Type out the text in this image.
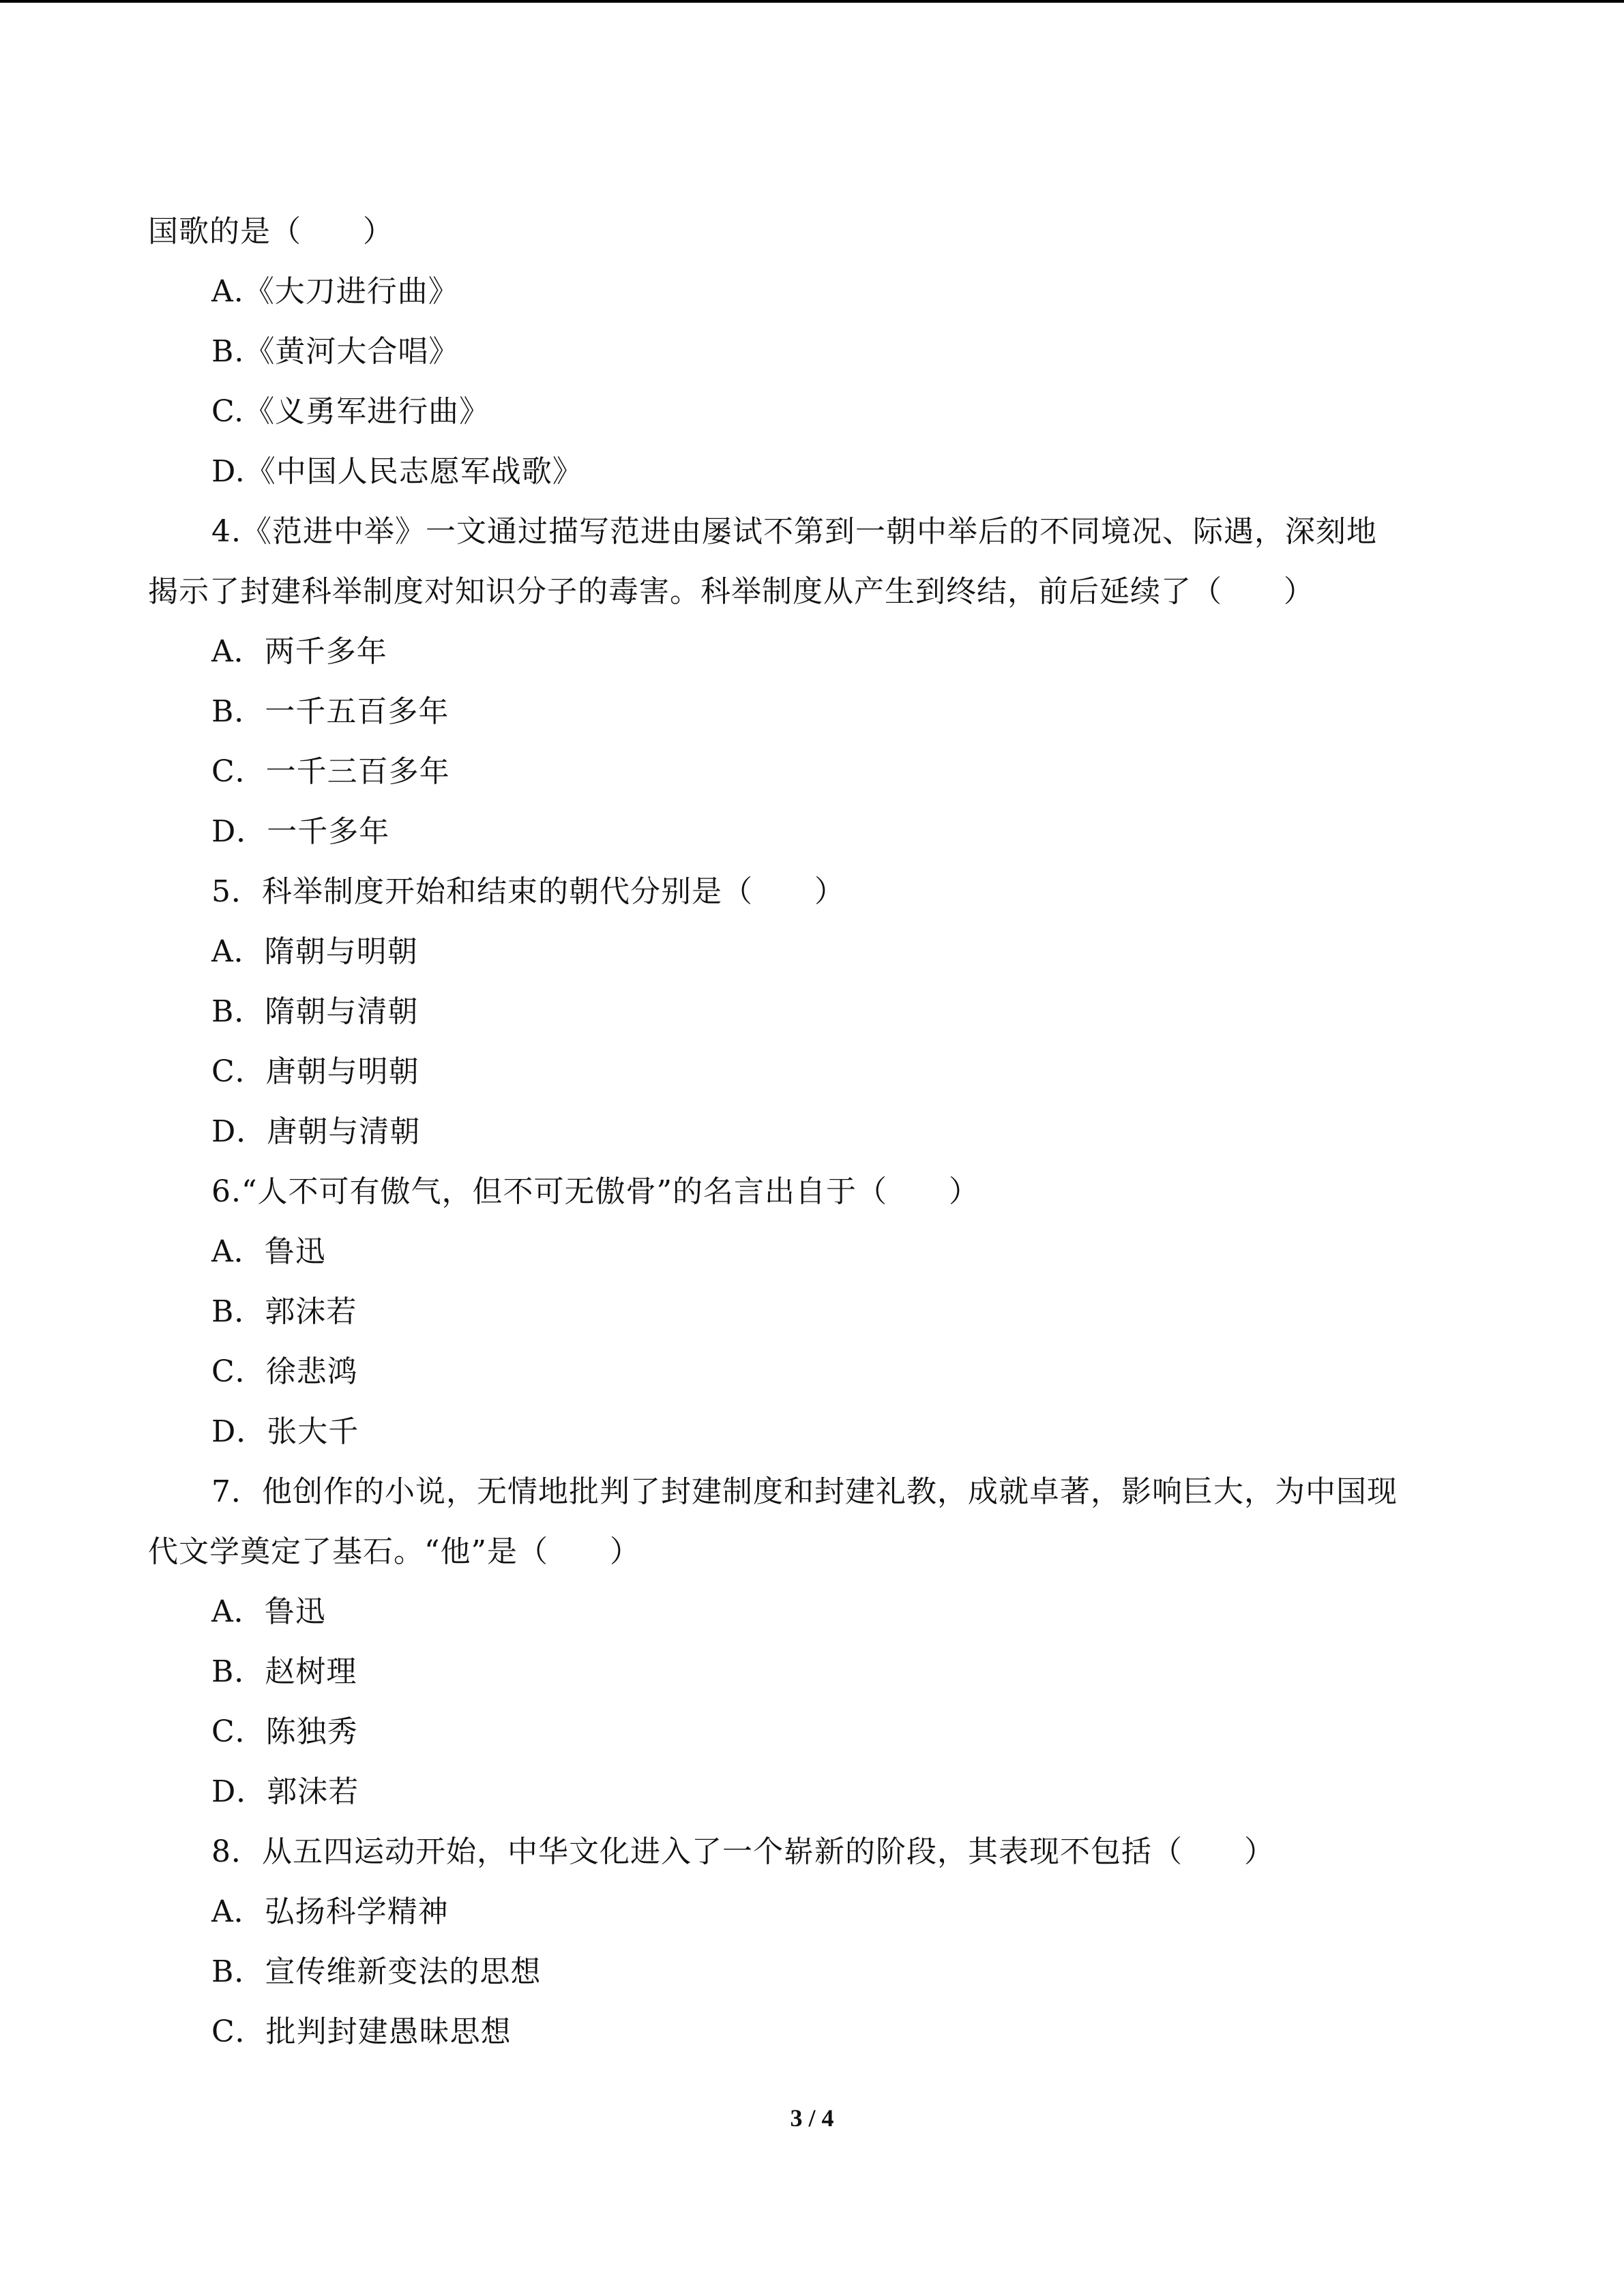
国歌的是（　　）
A.《大刀进行曲》
B.《黄河大合唱》
C.《义勇军进行曲》
D.《中国人民志愿军战歌》
4.《范进中举》一文通过描写范进由屡试不第到一朝中举后的不同境况、际遇，深刻地
揭示了封建科举制度对知识分子的毒害。科举制度从产生到终结，前后延续了（　　）
A．两千多年
B．一千五百多年
C．一千三百多年
D．一千多年
5．科举制度开始和结束的朝代分别是（　　）
A．隋朝与明朝
B．隋朝与清朝
C．唐朝与明朝
D．唐朝与清朝
6.“人不可有傲气，但不可无傲骨”的名言出自于（　　）
A．鲁迅
B．郭沫若
C．徐悲鸿
D．张大千
7．他创作的小说，无情地批判了封建制度和封建礼教，成就卓著，影响巨大，为中国现
代文学奠定了基石。“他”是（　　）
A．鲁迅
B．赵树理
C．陈独秀
D．郭沫若
8．从五四运动开始，中华文化进入了一个崭新的阶段，其表现不包括（　　）
A．弘扬科学精神
B．宣传维新变法的思想
C．批判封建愚昧思想
3 / 4
